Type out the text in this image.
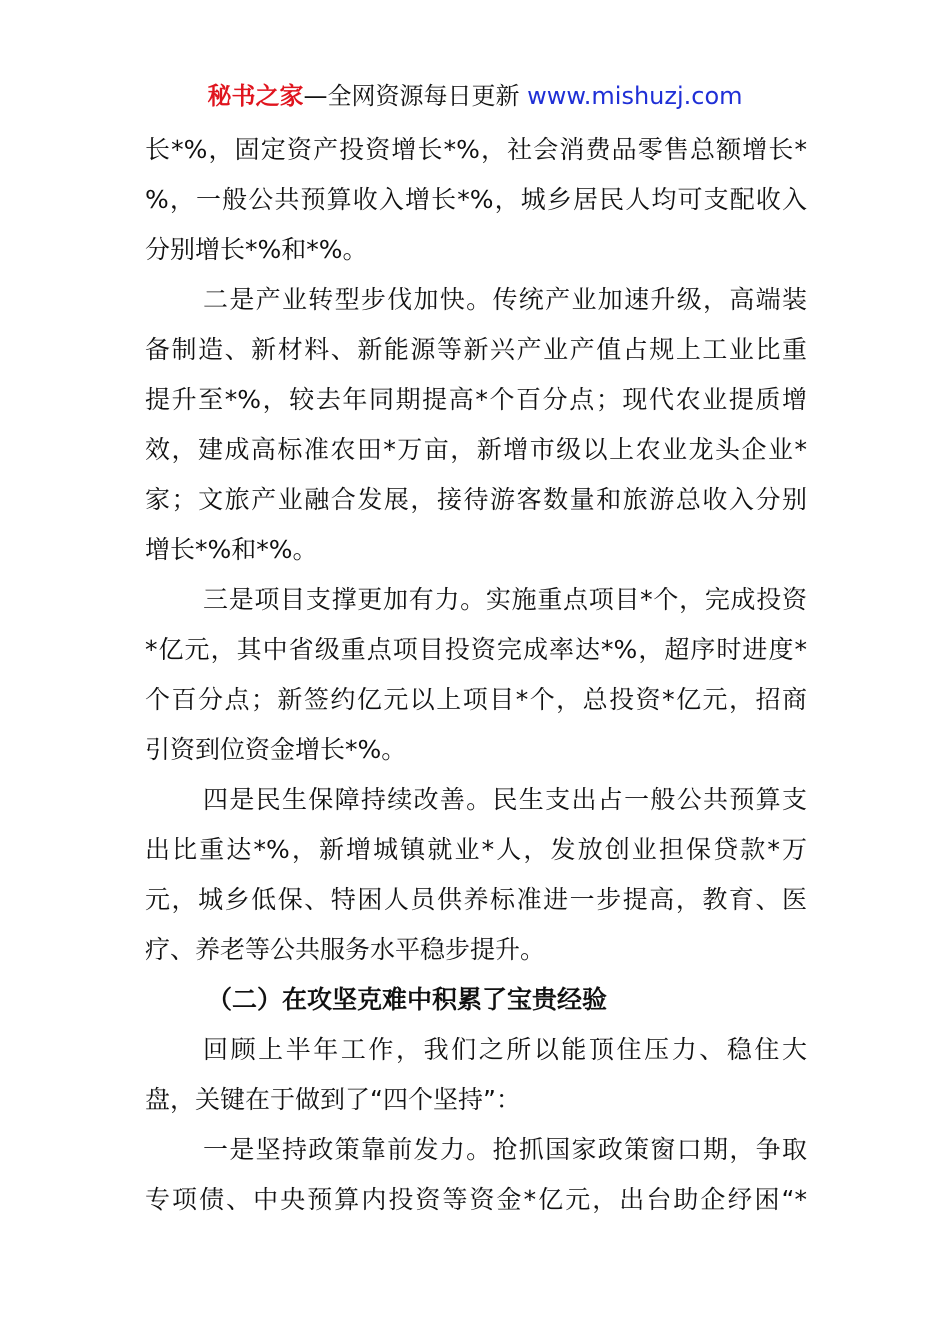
秘书之家—全网资源每日更新 www.mishuzj.com
长*%，固定资产投资增长*%，社会消费品零售总额增长*
%，一般公共预算收入增长*%，城乡居民人均可支配收入
分别增长*%和*%。
二是产业转型步伐加快。传统产业加速升级，高端装
备制造、新材料、新能源等新兴产业产值占规上工业比重
提升至*%，较去年同期提高*个百分点；现代农业提质增
效，建成高标准农田*万亩，新增市级以上农业龙头企业*
家；文旅产业融合发展，接待游客数量和旅游总收入分别
增长*%和*%。
三是项目支撑更加有力。实施重点项目*个，完成投资
*亿元，其中省级重点项目投资完成率达*%，超序时进度*
个百分点；新签约亿元以上项目*个，总投资*亿元，招商
引资到位资金增长*%。
四是民生保障持续改善。民生支出占一般公共预算支
出比重达*%，新增城镇就业*人，发放创业担保贷款*万
元，城乡低保、特困人员供养标准进一步提高，教育、医
疗、养老等公共服务水平稳步提升。
（二）在攻坚克难中积累了宝贵经验
回顾上半年工作，我们之所以能顶住压力、稳住大
盘，关键在于做到了“四个坚持”：
一是坚持政策靠前发力。抢抓国家政策窗口期，争取
专项债、中央预算内投资等资金*亿元，出台助企纾困“*
